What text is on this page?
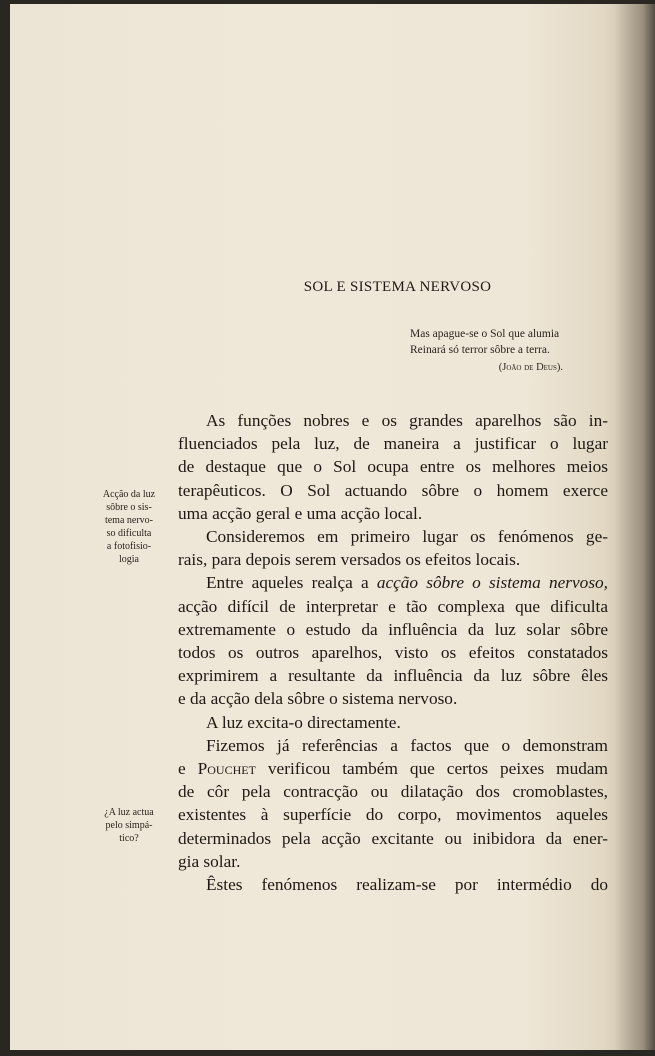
SOL E SISTEMA NERVOSO
Mas apague-se o Sol que alumia
Reinará só terror sôbre a terra.
(João de Deus).
Acção da luz
sôbre o sis-
tema nervo-
so dificulta
a fotofisio-
logia
¿A luz actua
pelo simpá-
tico?
As funções nobres e os grandes aparelhos são in-
fluenciados pela luz, de maneira a justificar o lugar
de destaque que o Sol ocupa entre os melhores meios
terapêuticos. O Sol actuando sôbre o homem exerce
uma acção geral e uma acção local.
Consideremos em primeiro lugar os fenómenos ge-
rais, para depois serem versados os efeitos locais.
Entre aqueles realça a acção sôbre o sistema nervoso,
acção difícil de interpretar e tão complexa que dificulta
extremamente o estudo da influência da luz solar sôbre
todos os outros aparelhos, visto os efeitos constatados
exprimirem a resultante da influência da luz sôbre êles
e da acção dela sôbre o sistema nervoso.
A luz excita-o directamente.
Fizemos já referências a factos que o demonstram
e Pouchet verificou também que certos peixes mudam
de côr pela contracção ou dilatação dos cromoblastes,
existentes à superfície do corpo, movimentos aqueles
determinados pela acção excitante ou inibidora da ener-
gia solar.
Êstes fenómenos realizam-se por intermédio do
